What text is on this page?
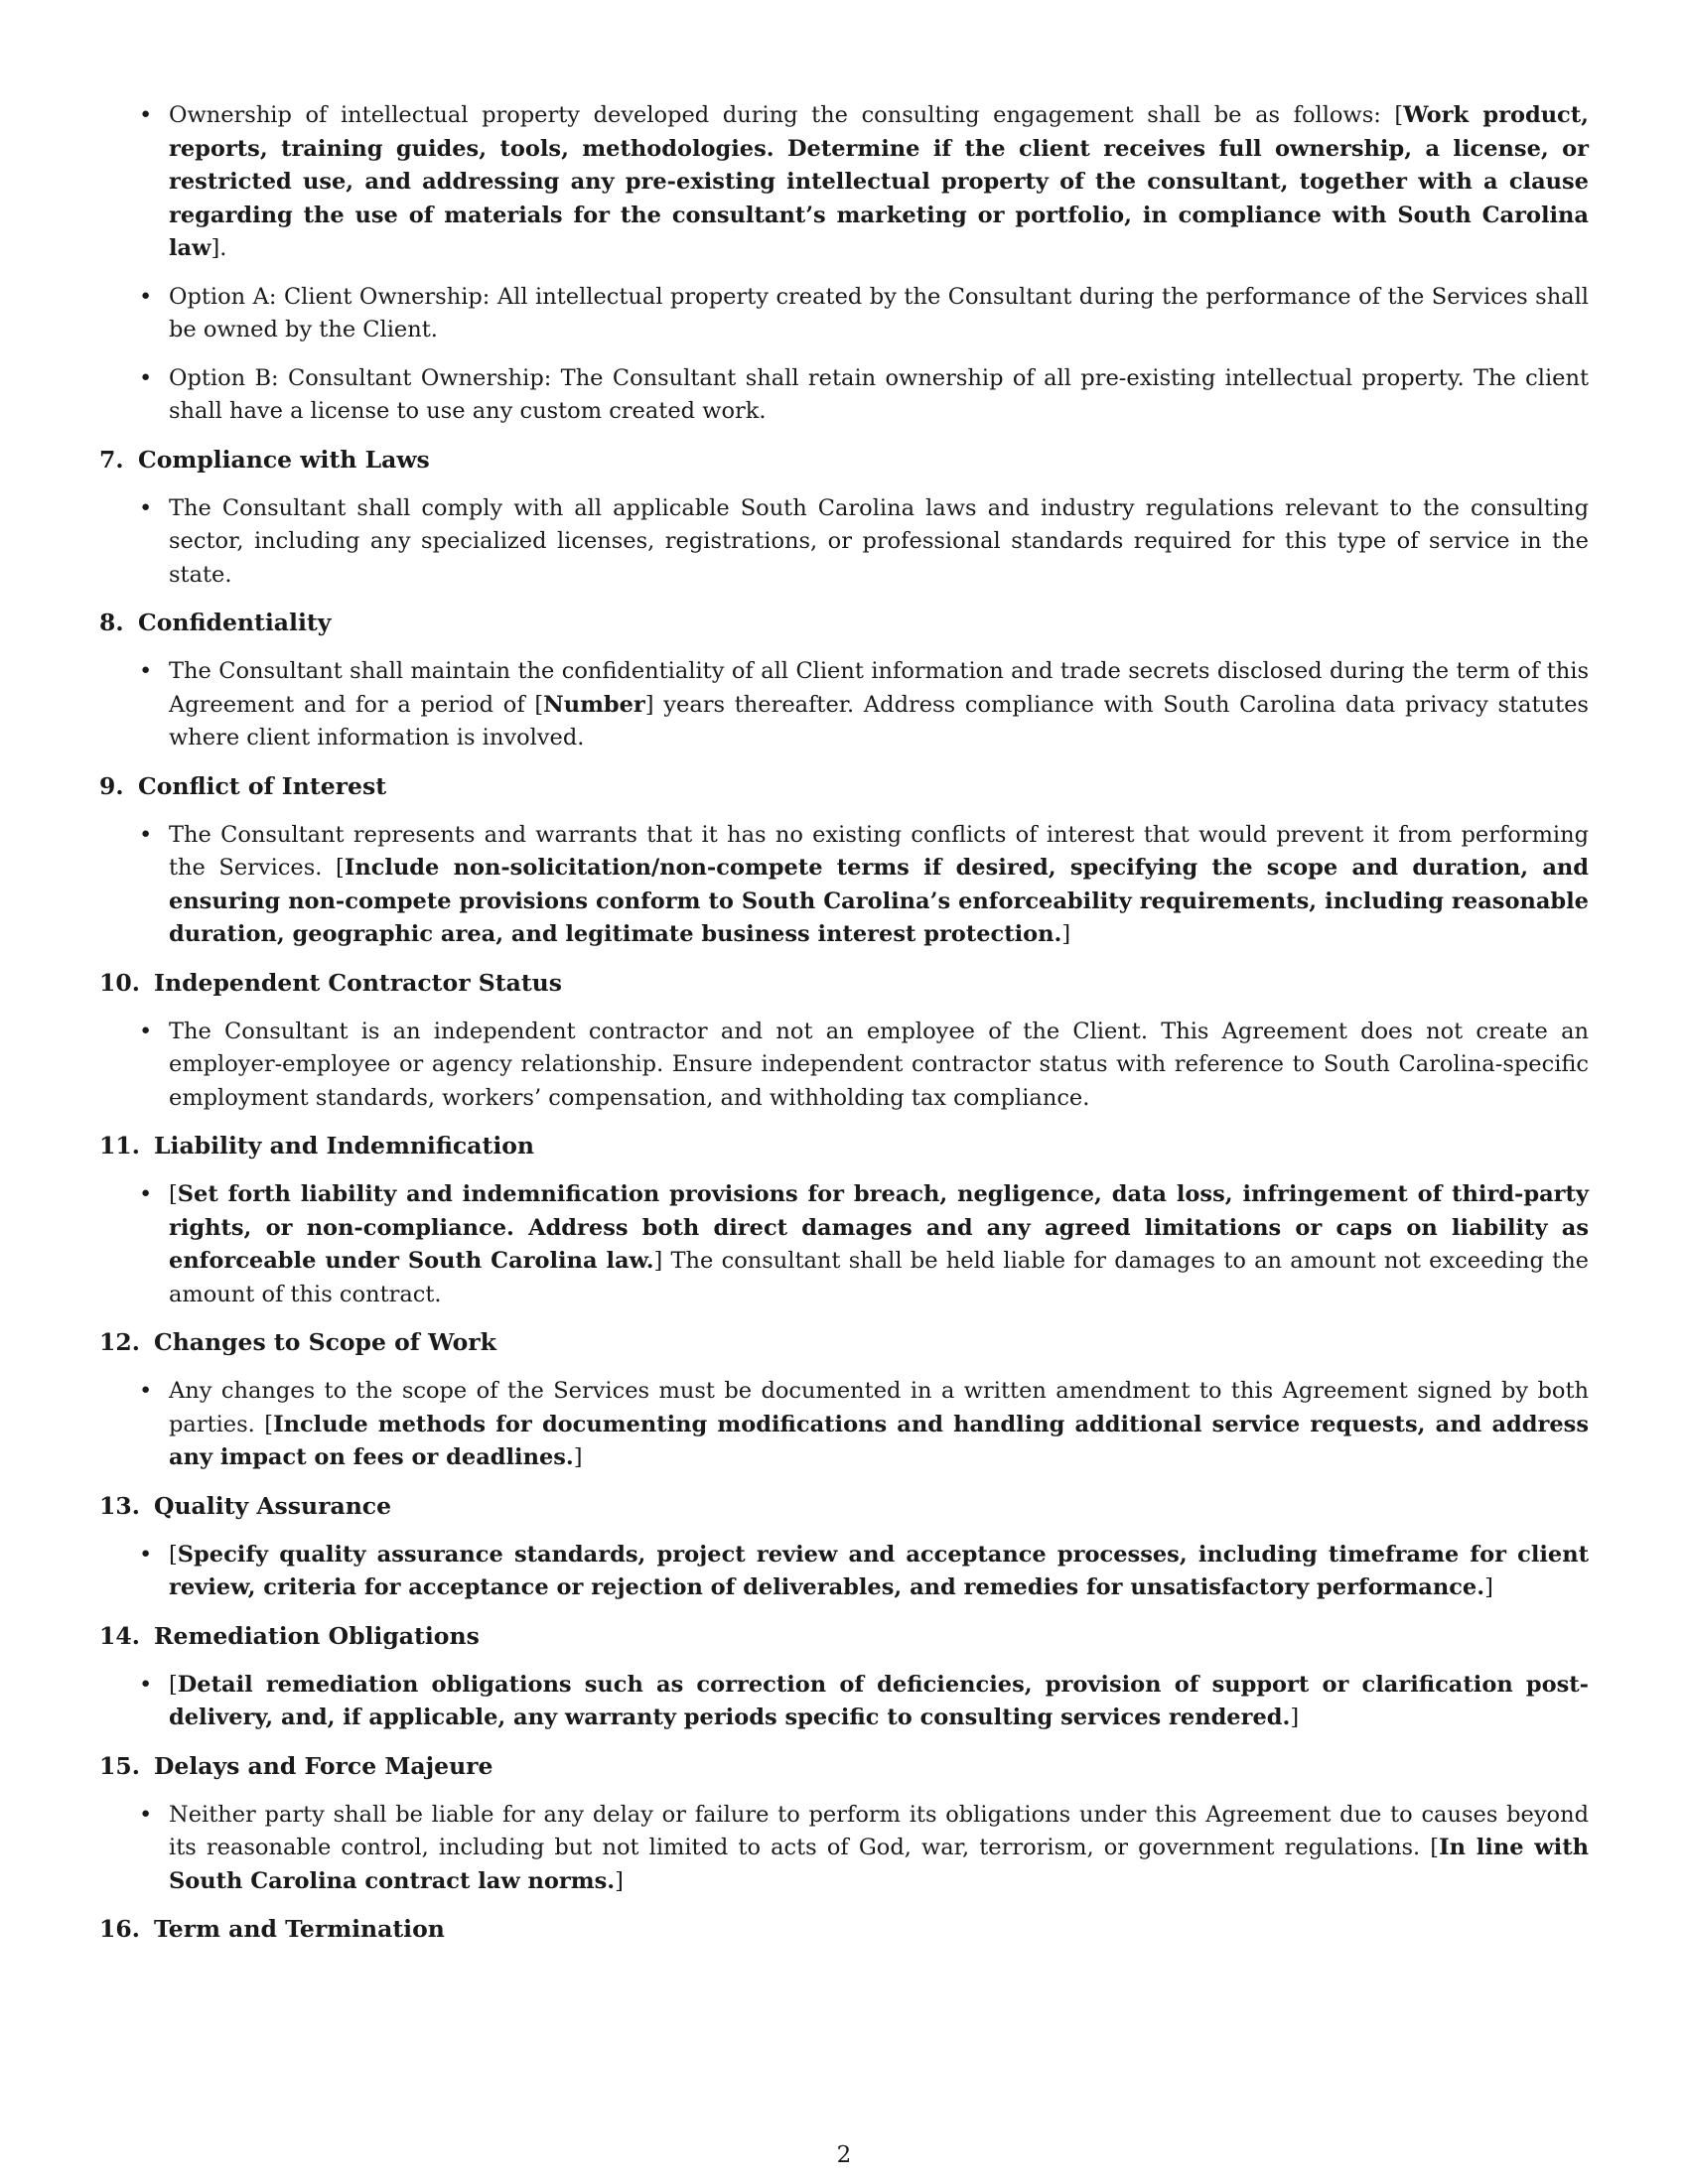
• Ownership of intellectual property developed during the consulting engagement shall be as follows: [Work product, reports, training guides, tools, methodologies. Determine if the client receives full ownership, a license, or restricted use, and addressing any pre-existing intellectual property of the consultant, together with a clause regarding the use of materials for the consultant’s marketing or portfolio, in compliance with South Carolina law].
• Option A: Client Ownership: All intellectual property created by the Consultant during the performance of the Services shall be owned by the Client.
• Option B: Consultant Ownership: The Consultant shall retain ownership of all pre-existing intellectual property. The client shall have a license to use any custom created work.
7. Compliance with Laws
• The Consultant shall comply with all applicable South Carolina laws and industry regulations relevant to the consulting sector, including any specialized licenses, registrations, or professional standards required for this type of service in the state.
8. Confidentiality
• The Consultant shall maintain the confidentiality of all Client information and trade secrets disclosed during the term of this Agreement and for a period of [Number] years thereafter. Address compliance with South Carolina data privacy statutes where client information is involved.
9. Conflict of Interest
• The Consultant represents and warrants that it has no existing conflicts of interest that would prevent it from performing the Services. [Include non-solicitation/non-compete terms if desired, specifying the scope and duration, and ensuring non-compete provisions conform to South Carolina’s enforceability requirements, including reasonable duration, geographic area, and legitimate business interest protection.]
10. Independent Contractor Status
• The Consultant is an independent contractor and not an employee of the Client. This Agreement does not create an employer-employee or agency relationship. Ensure independent contractor status with reference to South Carolina-specific employment standards, workers’ compensation, and withholding tax compliance.
11. Liability and Indemnification
• [Set forth liability and indemnification provisions for breach, negligence, data loss, infringement of third-party rights, or non-compliance. Address both direct damages and any agreed limitations or caps on liability as enforceable under South Carolina law.] The consultant shall be held liable for damages to an amount not exceeding the amount of this contract.
12. Changes to Scope of Work
• Any changes to the scope of the Services must be documented in a written amendment to this Agreement signed by both parties. [Include methods for documenting modifications and handling additional service requests, and address any impact on fees or deadlines.]
13. Quality Assurance
• [Specify quality assurance standards, project review and acceptance processes, including timeframe for client review, criteria for acceptance or rejection of deliverables, and remedies for unsatisfactory performance.]
14. Remediation Obligations
• [Detail remediation obligations such as correction of deficiencies, provision of support or clarification post-delivery, and, if applicable, any warranty periods specific to consulting services rendered.]
15. Delays and Force Majeure
• Neither party shall be liable for any delay or failure to perform its obligations under this Agreement due to causes beyond its reasonable control, including but not limited to acts of God, war, terrorism, or government regulations. [In line with South Carolina contract law norms.]
16. Term and Termination
2
